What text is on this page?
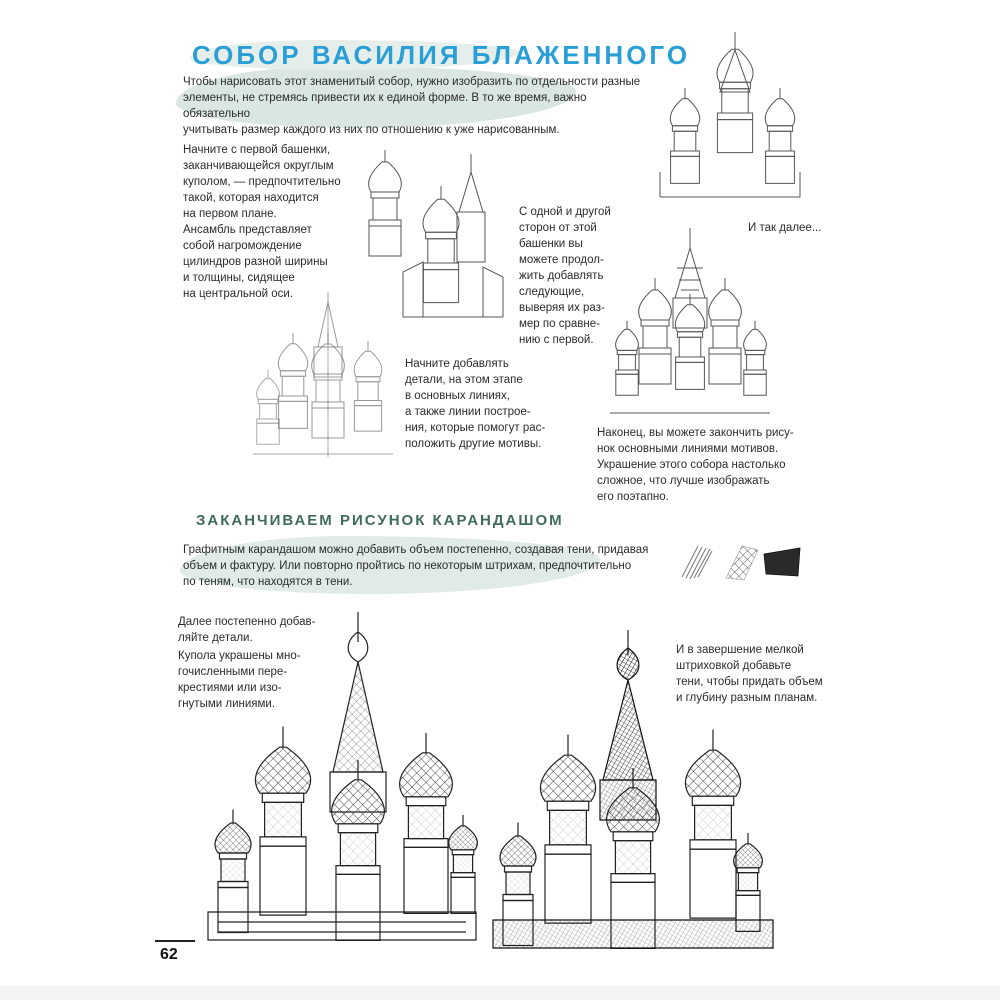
СОБОР ВАСИЛИЯ БЛАЖЕННОГО

Чтобы нарисовать этот знаменитый собор, нужно изобразить по отдельности разные

элементы, не стремясь привести их к единой форме. В то же время, важно обязательно

учитывать размер каждого из них по отношению к уже нарисованным.

Начните с первой башенки,

заканчивающейся округлым

куполом, — предпочтительно

такой, которая находится

на первом плане.

Ансамбль представляет

собой нагромождение

цилиндров разной ширины

и толщины, сидящее

на центральной оси.

С одной и другой

сторон от этой

башенки вы

можете продол-

жить добавлять

следующие,

выверяя их раз-

мер по сравне-

нию с первой.

И так далее...

Начните добавлять

детали, на этом этапе

в основных линиях,

а также линии построе-

ния, которые помогут рас-

положить другие мотивы.

Наконец, вы можете закончить рису-

нок основными линиями мотивов.

Украшение этого собора настолько

сложное, что лучше изображать

его поэтапно.

ЗАКАНЧИВАЕМ РИСУНОК КАРАНДАШОМ

Графитным карандашом можно добавить объем постепенно, создавая тени, придавая

объем и фактуру. Или повторно пройтись по некоторым штрихам, предпочтительно

по теням, что находятся в тени.

Далее постепенно добав-

ляйте детали.

Купола украшены мно-

гочисленными пере-

крестиями или изо-

гнутыми линиями.

И в завершение мелкой

штриховкой добавьте

тени, чтобы придать объем

и глубину разным планам.

62
